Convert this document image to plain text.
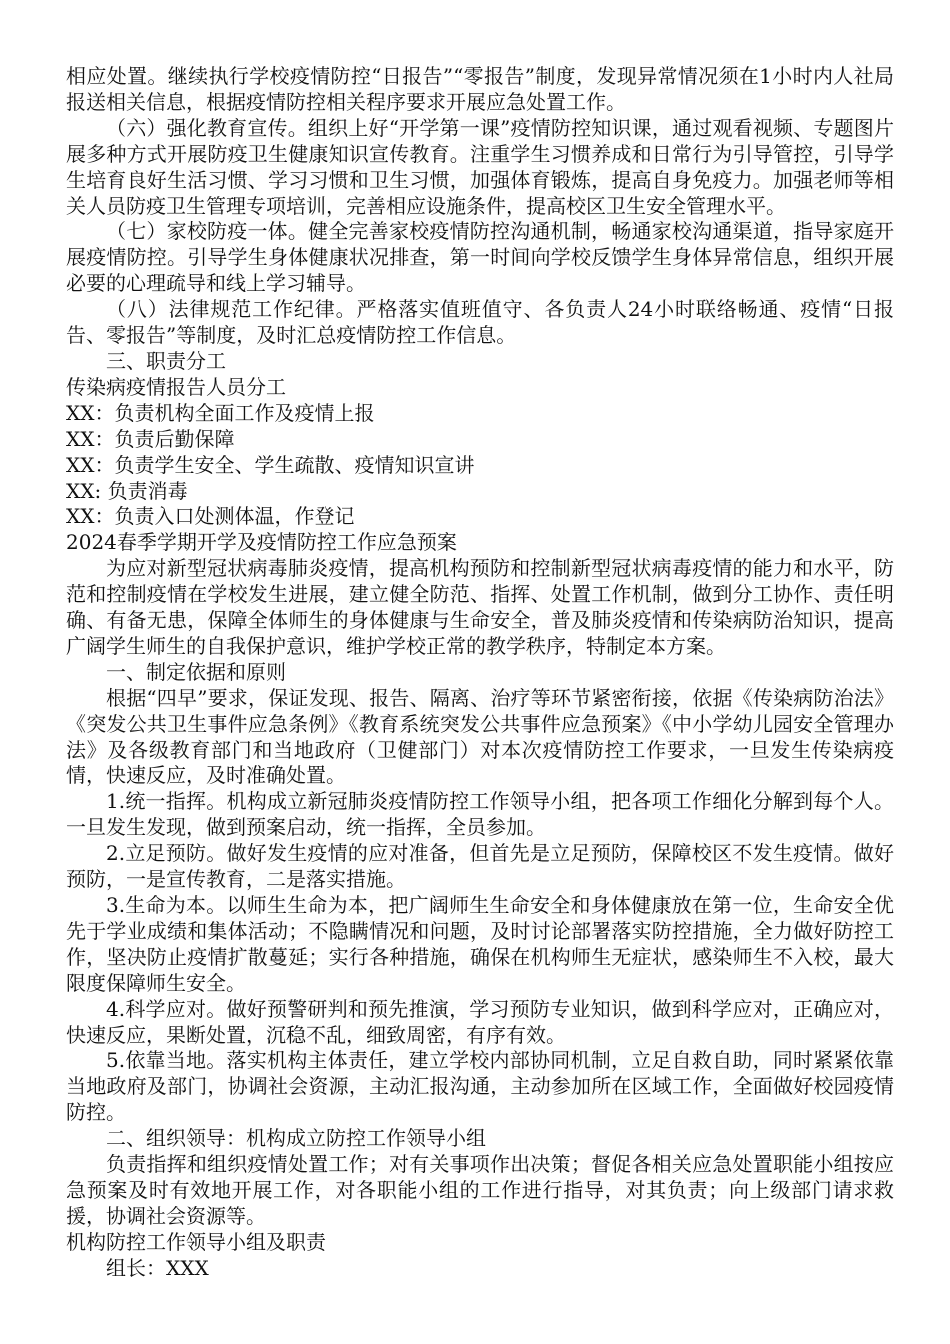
相应处置。继续执行学校疫情防控“日报告”“零报告”制度，发现异常情况须在1小时内人社局报送相关信息，根据疫情防控相关程序要求开展应急处置工作。

（六）强化教育宣传。组织上好“开学第一课”疫情防控知识课，通过观看视频、专题图片展多种方式开展防疫卫生健康知识宣传教育。注重学生习惯养成和日常行为引导管控，引导学生培育良好生活习惯、学习习惯和卫生习惯，加强体育锻炼，提高自身免疫力。加强老师等相关人员防疫卫生管理专项培训，完善相应设施条件，提高校区卫生安全管理水平。

（七）家校防疫一体。健全完善家校疫情防控沟通机制，畅通家校沟通渠道，指导家庭开展疫情防控。引导学生身体健康状况排查，第一时间向学校反馈学生身体异常信息，组织开展必要的心理疏导和线上学习辅导。

（八）法律规范工作纪律。严格落实值班值守、各负责人24小时联络畅通、疫情“日报告、零报告”等制度，及时汇总疫情防控工作信息。

三、职责分工

传染病疫情报告人员分工

XX：负责机构全面工作及疫情上报

XX：负责后勤保障

XX：负责学生安全、学生疏散、疫情知识宣讲

XX: 负责消毒

XX：负责入口处测体温，作登记

2024春季学期开学及疫情防控工作应急预案

为应对新型冠状病毒肺炎疫情，提高机构预防和控制新型冠状病毒疫情的能力和水平，防范和控制疫情在学校发生进展，建立健全防范、指挥、处置工作机制，做到分工协作、责任明确、有备无患，保障全体师生的身体健康与生命安全，普及肺炎疫情和传染病防治知识，提高广阔学生师生的自我保护意识，维护学校正常的教学秩序，特制定本方案。

一、制定依据和原则

根据“四早”要求，保证发现、报告、隔离、治疗等环节紧密衔接，依据《传染病防治法》《突发公共卫生事件应急条例》《教育系统突发公共事件应急预案》《中小学幼儿园安全管理办法》及各级教育部门和当地政府（卫健部门）对本次疫情防控工作要求，一旦发生传染病疫情，快速反应，及时准确处置。

1.统一指挥。机构成立新冠肺炎疫情防控工作领导小组，把各项工作细化分解到每个人。一旦发生发现，做到预案启动，统一指挥，全员参加。

2.立足预防。做好发生疫情的应对准备，但首先是立足预防，保障校区不发生疫情。做好预防，一是宣传教育，二是落实措施。

3.生命为本。以师生生命为本，把广阔师生生命安全和身体健康放在第一位，生命安全优先于学业成绩和集体活动；不隐瞒情况和问题，及时讨论部署落实防控措施，全力做好防控工作，坚决防止疫情扩散蔓延；实行各种措施，确保在机构师生无症状，感染师生不入校，最大限度保障师生安全。

4.科学应对。做好预警研判和预先推演，学习预防专业知识，做到科学应对，正确应对，快速反应，果断处置，沉稳不乱，细致周密，有序有效。

5.依靠当地。落实机构主体责任，建立学校内部协同机制，立足自救自助，同时紧紧依靠当地政府及部门，协调社会资源，主动汇报沟通，主动参加所在区域工作，全面做好校园疫情防控。

二、组织领导：机构成立防控工作领导小组

负责指挥和组织疫情处置工作；对有关事项作出决策；督促各相关应急处置职能小组按应急预案及时有效地开展工作，对各职能小组的工作进行指导，对其负责；向上级部门请求救援，协调社会资源等。

机构防控工作领导小组及职责

组长：XXX
